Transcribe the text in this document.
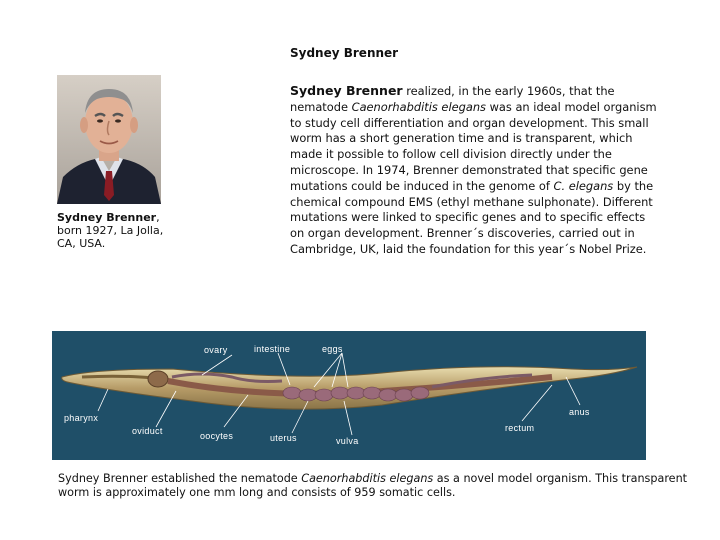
Sydney Brenner
Sydney Brenner, born 1927, La Jolla, CA, USA.

Sydney Brenner realized, in the early 1960s, that the nematode Caenorhabditis elegans was an ideal model organism to study cell differentiation and organ development. This small worm has a short generation time and is transparent, which made it possible to follow cell division directly under the microscope. In 1974, Brenner demonstrated that specific gene mutations could be induced in the genome of C. elegans by the chemical compound EMS (ethyl methane sulphonate). Different mutations were linked to specific genes and to specific effects on organ development. Brenner´s discoveries, carried out in Cambridge, UK, laid the foundation for this year´s Nobel Prize.

ovary	intestine	eggs
pharynx
oviduct	oocytes	uterus	vulva
rectum
anus

Sydney Brenner established the nematode Caenorhabditis elegans as a novel model organism. This transparent worm is approximately one mm long and consists of 959 somatic cells.
